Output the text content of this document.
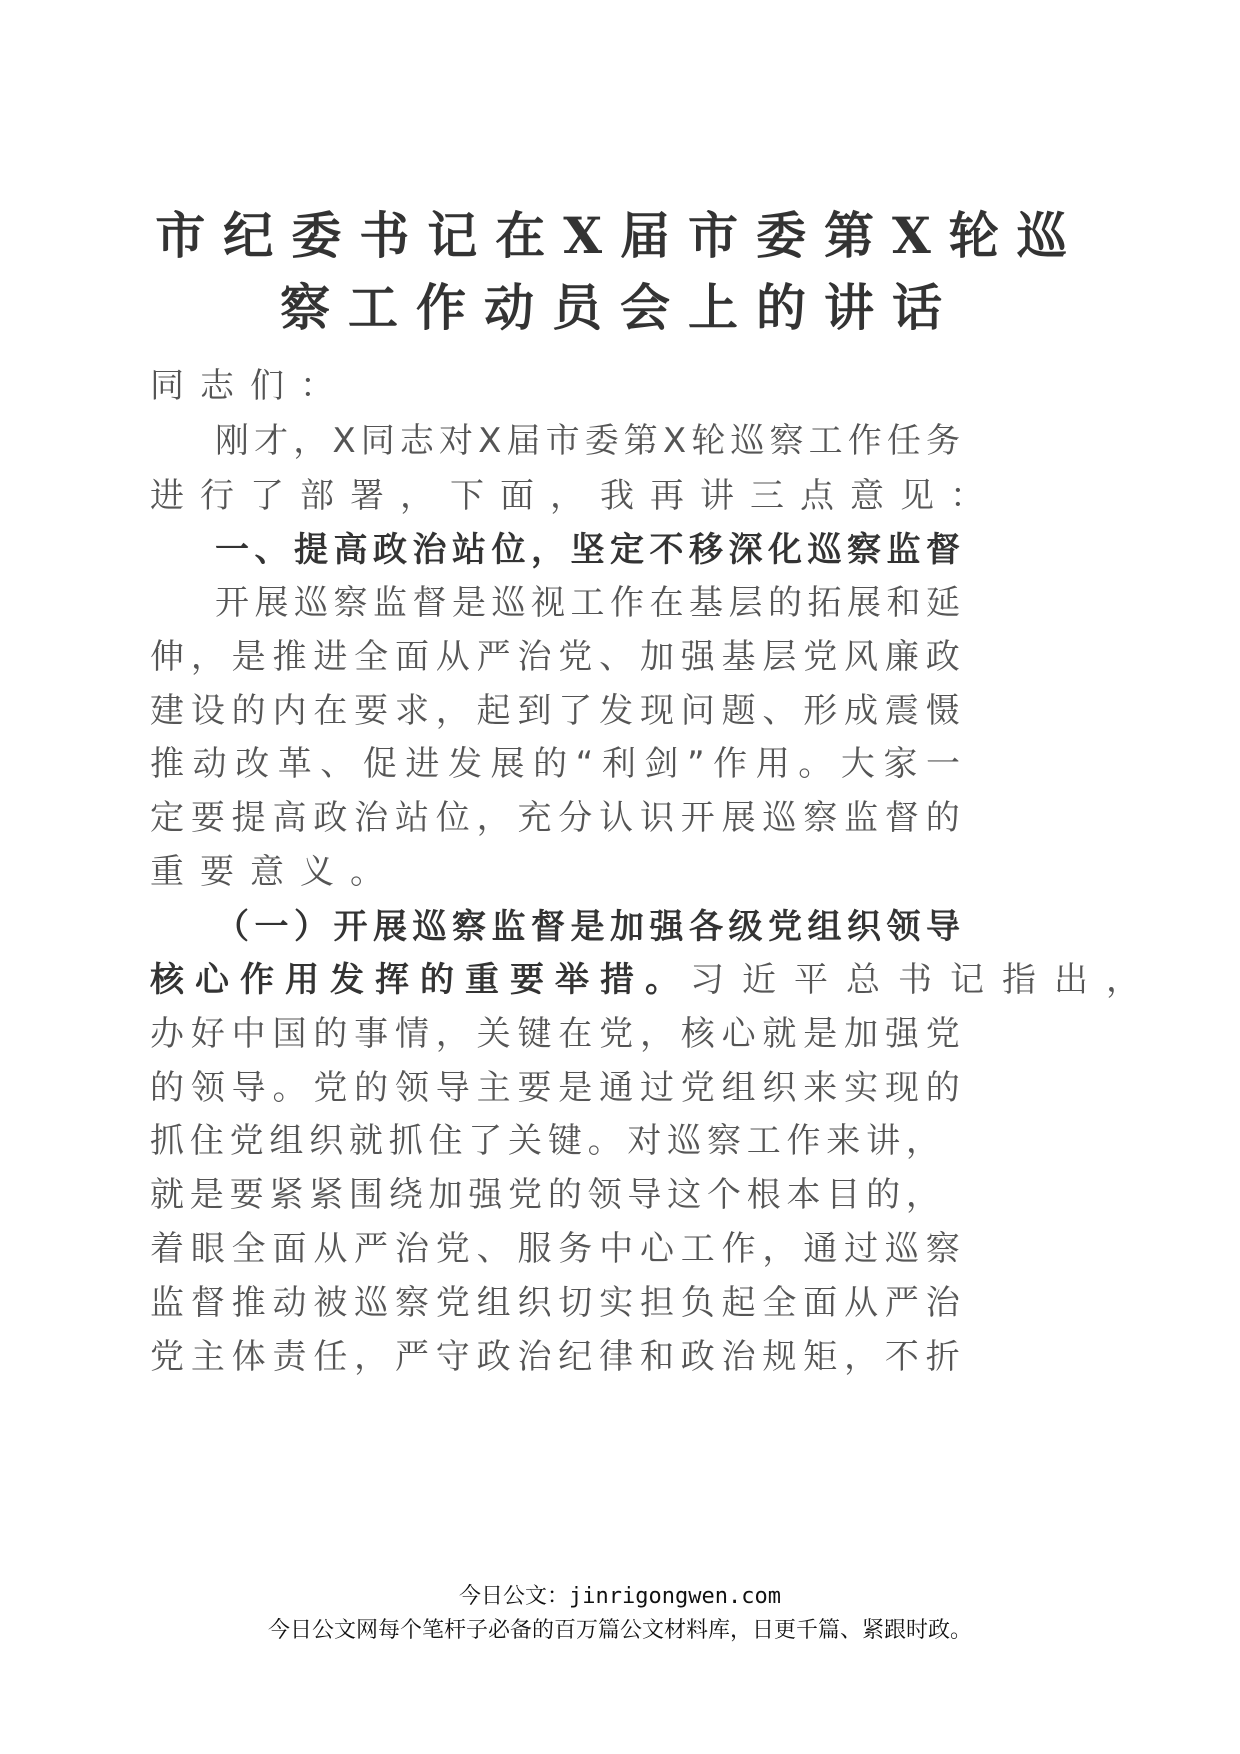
市纪委书记在X届市委第X轮巡
察工作动员会上的讲话
同志们：
刚 才 ， X 同 志 对 X 届 市 委 第 X 轮 巡 察 工 作 任 务
进行了部署，下面，我再讲三点意见：
一 、 提 高 政 治 站 位 ， 坚 定 不 移 深 化 巡 察 监 督
开 展 巡 察 监 督 是 巡 视 工 作 在 基 层 的 拓 展 和 延
伸 ， 是 推 进 全 面 从 严 治 党 、 加 强 基 层 党 风 廉 政
建 设 的 内 在 要 求 ， 起 到 了 发 现 问 题 、 形 成 震 慑
推 动 改 革 、 促 进 发 展 的 “ 利 剑 ” 作 用 。 大 家 一
定 要 提 高 政 治 站 位 ， 充 分 认 识 开 展 巡 察 监 督 的
重要意义。
（ 一 ） 开 展 巡 察 监 督 是 加 强 各 级 党 组 织 领 导
核心作用发挥的重要举措。 习近平总书记指出，
办 好 中 国 的 事 情 ， 关 键 在 党 ， 核 心 就 是 加 强 党
的 领 导 。 党 的 领 导 主 要 是 通 过 党 组 织 来 实 现 的
抓 住 党 组 织 就 抓 住 了 关 键 。 对 巡 察 工 作 来 讲 ，
就 是 要 紧 紧 围 绕 加 强 党 的 领 导 这 个 根 本 目 的 ，
着 眼 全 面 从 严 治 党 、 服 务 中 心 工 作 ， 通 过 巡 察
监 督 推 动 被 巡 察 党 组 织 切 实 担 负 起 全 面 从 严 治
党 主 体 责 任 ， 严 守 政 治 纪 律 和 政 治 规 矩 ， 不 折
今日公文：jinrigongwen.com
今日公文网每个笔杆子必备的百万篇公文材料库，日更千篇、紧跟时政。
